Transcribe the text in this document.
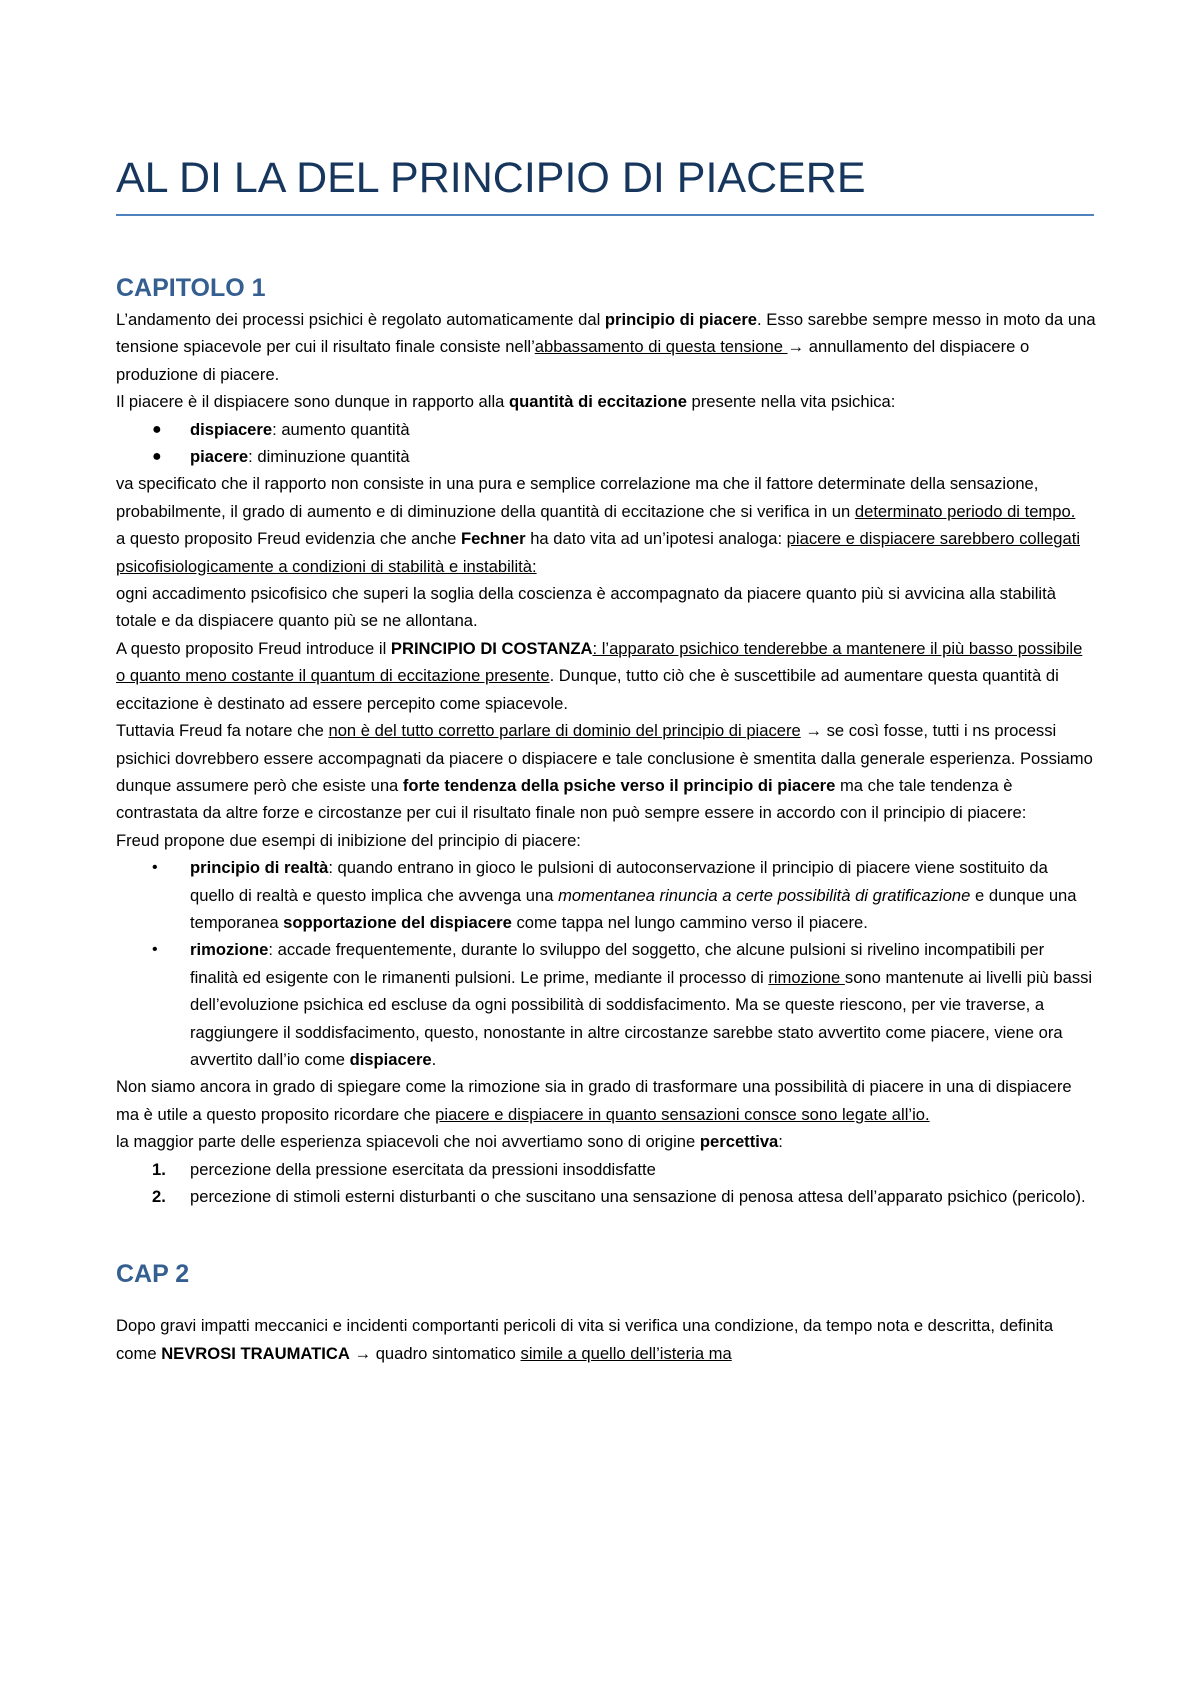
AL DI LA DEL PRINCIPIO DI PIACERE
CAPITOLO 1

L’andamento dei processi psichici è regolato automaticamente dal principio di piacere. Esso sarebbe sempre messo in moto da una tensione spiacevole per cui il risultato finale consiste nell’abbassamento di questa tensione → annullamento del dispiacere o produzione di piacere.

Il piacere è il dispiacere sono dunque in rapporto alla quantità di eccitazione presente nella vita psichica:

● dispiacere: aumento quantità
● piacere: diminuzione quantità

va specificato che il rapporto non consiste in una pura e semplice correlazione ma che il fattore determinate della sensazione, probabilmente, il grado di aumento e di diminuzione della quantità di eccitazione che si verifica in un determinato periodo di tempo.

a questo proposito Freud evidenzia che anche Fechner ha dato vita ad un’ipotesi analoga: piacere e dispiacere sarebbero collegati psicofisiologicamente a condizioni di stabilità e instabilità:

ogni accadimento psicofisico che superi la soglia della coscienza è accompagnato da piacere quanto più si avvicina alla stabilità totale e da dispiacere quanto più se ne allontana.

A questo proposito Freud introduce il PRINCIPIO DI COSTANZA: l’apparato psichico tenderebbe a mantenere il più basso possibile o quanto meno costante il quantum di eccitazione presente. Dunque, tutto ciò che è suscettibile ad aumentare questa quantità di eccitazione è destinato ad essere percepito come spiacevole.

Tuttavia Freud fa notare che non è del tutto corretto parlare di dominio del principio di piacere → se così fosse, tutti i ns processi psichici dovrebbero essere accompagnati da piacere o dispiacere e tale conclusione è smentita dalla generale esperienza. Possiamo dunque assumere però che esiste una forte tendenza della psiche verso il principio di piacere ma che tale tendenza è contrastata da altre forze e circostanze per cui il risultato finale non può sempre essere in accordo con il principio di piacere:

Freud propone due esempi di inibizione del principio di piacere:

• principio di realtà: quando entrano in gioco le pulsioni di autoconservazione il principio di piacere viene sostituito da quello di realtà e questo implica che avvenga una momentanea rinuncia a certe possibilità di gratificazione e dunque una temporanea sopportazione del dispiacere come tappa nel lungo cammino verso il piacere.
• rimozione: accade frequentemente, durante lo sviluppo del soggetto, che alcune pulsioni si rivelino incompatibili per finalità ed esigente con le rimanenti pulsioni. Le prime, mediante il processo di rimozione sono mantenute ai livelli più bassi dell’evoluzione psichica ed escluse da ogni possibilità di soddisfacimento. Ma se queste riescono, per vie traverse, a raggiungere il soddisfacimento, questo, nonostante in altre circostanze sarebbe stato avvertito come piacere, viene ora avvertito dall’io come dispiacere.

Non siamo ancora in grado di spiegare come la rimozione sia in grado di trasformare una possibilità di piacere in una di dispiacere ma è utile a questo proposito ricordare che piacere e dispiacere in quanto sensazioni consce sono legate all’io.

la maggior parte delle esperienza spiacevoli che noi avvertiamo sono di origine percettiva:

1. percezione della pressione esercitata da pressioni insoddisfatte
2. percezione di stimoli esterni disturbanti o che suscitano una sensazione di penosa attesa dell’apparato psichico (pericolo).
CAP 2

Dopo gravi impatti meccanici e incidenti comportanti pericoli di vita si verifica una condizione, da tempo nota e descritta, definita come NEVROSI TRAUMATICA → quadro sintomatico simile a quello dell’isteria ma
